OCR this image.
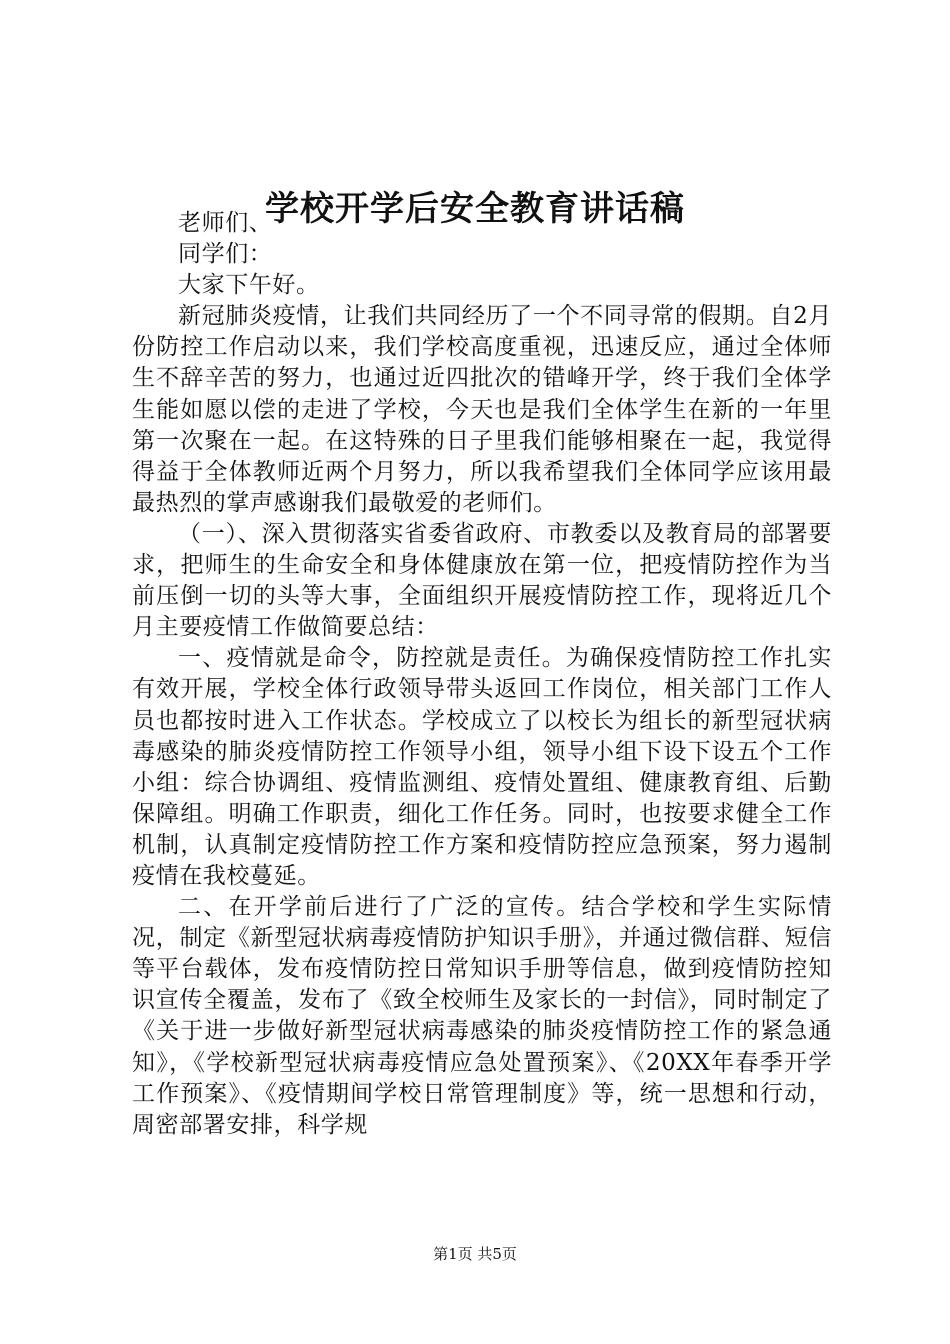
学校开学后安全教育讲话稿

老师们、

同学们：

大家下午好。

新冠肺炎疫情，让我们共同经历了一个不同寻常的假期。自2月份防控工作启动以来，我们学校高度重视，迅速反应，通过全体师生不辞辛苦的努力，也通过近四批次的错峰开学，终于我们全体学生能如愿以偿的走进了学校，今天也是我们全体学生在新的一年里第一次聚在一起。在这特殊的日子里我们能够相聚在一起，我觉得得益于全体教师近两个月努力，所以我希望我们全体同学应该用最最热烈的掌声感谢我们最敬爱的老师们。

（一）、深入贯彻落实省委省政府、市教委以及教育局的部署要求，把师生的生命安全和身体健康放在第一位，把疫情防控作为当前压倒一切的头等大事，全面组织开展疫情防控工作，现将近几个月主要疫情工作做简要总结：

一、疫情就是命令，防控就是责任。为确保疫情防控工作扎实有效开展，学校全体行政领导带头返回工作岗位，相关部门工作人员也都按时进入工作状态。学校成立了以校长为组长的新型冠状病毒感染的肺炎疫情防控工作领导小组，领导小组下设下设五个工作小组：综合协调组、疫情监测组、疫情处置组、健康教育组、后勤保障组。明确工作职责，细化工作任务。同时，也按要求健全工作机制，认真制定疫情防控工作方案和疫情防控应急预案，努力遏制疫情在我校蔓延。

二、在开学前后进行了广泛的宣传。结合学校和学生实际情况，制定《新型冠状病毒疫情防护知识手册》，并通过微信群、短信等平台载体，发布疫情防控日常知识手册等信息，做到疫情防控知识宣传全覆盖，发布了《致全校师生及家长的一封信》，同时制定了《关于进一步做好新型冠状病毒感染的肺炎疫情防控工作的紧急通知》，《学校新型冠状病毒疫情应急处置预案》、《20XX年春季开学工作预案》、《疫情期间学校日常管理制度》等，统一思想和行动，周密部署安排，科学规

第1页 共5页
